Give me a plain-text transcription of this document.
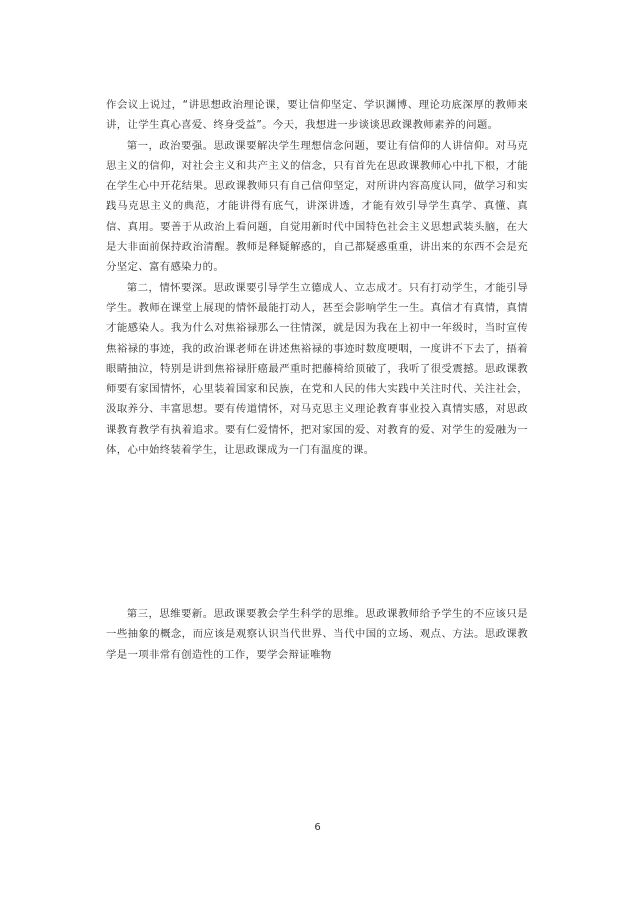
作会议上说过，“讲思想政治理论课，要让信仰坚定、学识渊博、理论功底深厚的教师来讲，让学生真心喜爱、终身受益”。今天，我想进一步谈谈思政课教师素养的问题。

第一，政治要强。思政课要解决学生理想信念问题，要让有信仰的人讲信仰。对马克思主义的信仰，对社会主义和共产主义的信念，只有首先在思政课教师心中扎下根，才能在学生心中开花结果。思政课教师只有自己信仰坚定，对所讲内容高度认同，做学习和实践马克思主义的典范，才能讲得有底气，讲深讲透，才能有效引导学生真学、真懂、真信、真用。要善于从政治上看问题，自觉用新时代中国特色社会主义思想武装头脑，在大是大非面前保持政治清醒。教师是释疑解惑的，自己都疑惑重重，讲出来的东西不会是充分坚定、富有感染力的。

第二，情怀要深。思政课要引导学生立德成人、立志成才。只有打动学生，才能引导学生。教师在课堂上展现的情怀最能打动人，甚至会影响学生一生。真信才有真情，真情才能感染人。我为什么对焦裕禄那么一往情深，就是因为我在上初中一年级时，当时宣传焦裕禄的事迹，我的政治课老师在讲述焦裕禄的事迹时数度哽咽，一度讲不下去了，捂着眼睛抽泣，特别是讲到焦裕禄肝癌最严重时把藤椅给顶破了，我听了很受震撼。思政课教师要有家国情怀，心里装着国家和民族，在党和人民的伟大实践中关注时代、关注社会，汲取养分、丰富思想。要有传道情怀，对马克思主义理论教育事业投入真情实感，对思政课教育教学有执着追求。要有仁爱情怀，把对家国的爱、对教育的爱、对学生的爱融为一体，心中始终装着学生，让思政课成为一门有温度的课。

第三，思维要新。思政课要教会学生科学的思维。思政课教师给予学生的不应该只是一些抽象的概念，而应该是观察认识当代世界、当代中国的立场、观点、方法。思政课教学是一项非常有创造性的工作，要学会辩证唯物

6
